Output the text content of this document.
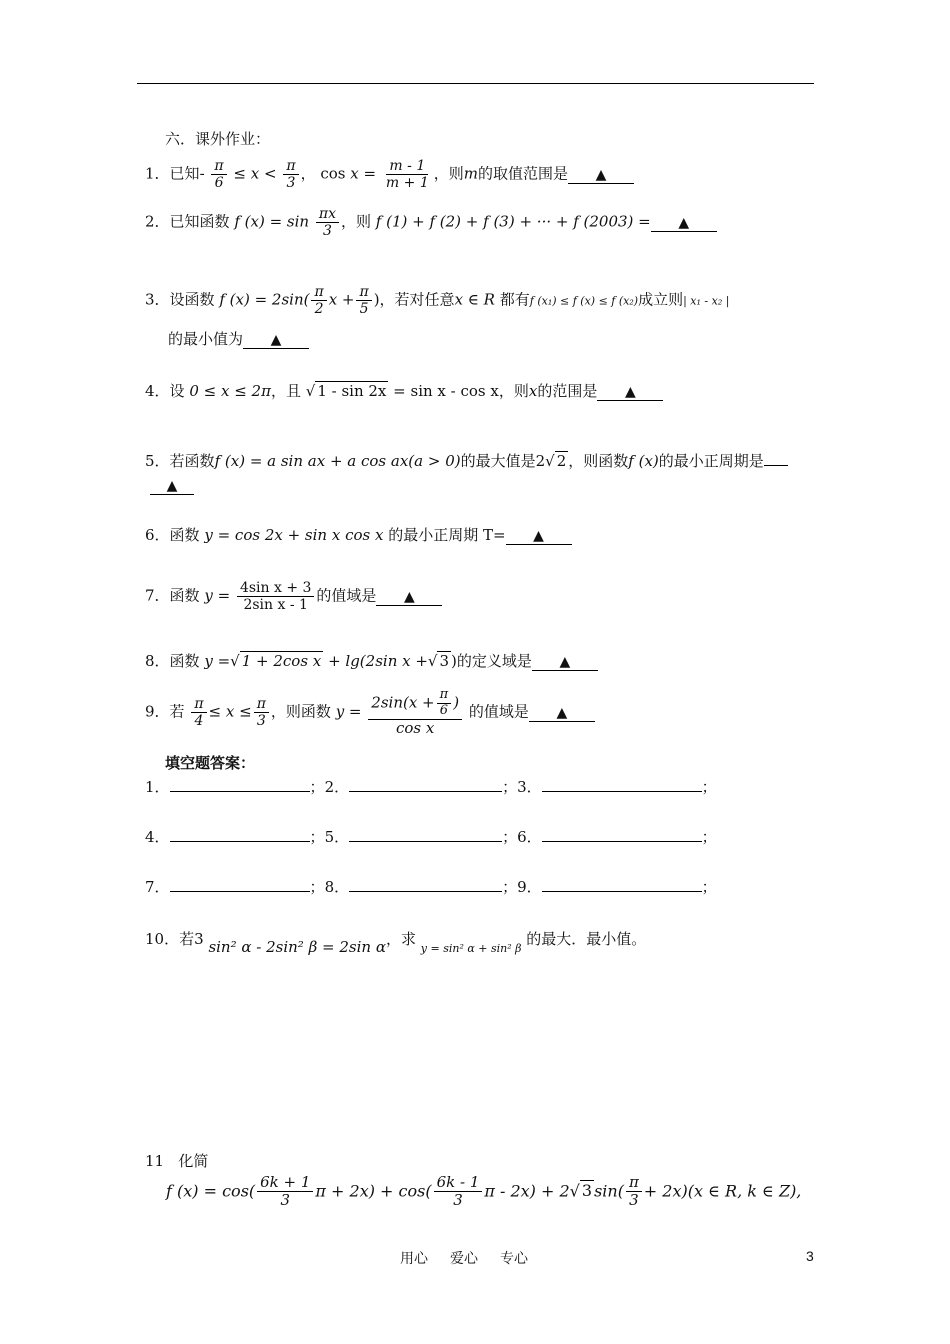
六．课外作业：
1．已知- $\frac{\pi}{6} \le x < \frac{\pi}{3}$ ， $\cos x = \frac{m - 1}{m + 1}$ ，则m的取值范围是 ▲
2．已知函数 f $(x) = \sin \frac{\pi x}{3}$ ，则 f (1) + f (2) + f (3) + ··· + f (2003) = ▲
3．设函数 f $(x) = 2\sin( \frac{\pi}{2}$ $x + \frac{\pi}{5}$ )，若对任意x ∈ R 都有f (x₁) ≤ f (x) ≤ f (x₂)成立则| x₁ - x₂ |
的最小值为 ▲
4．设 0 ≤ x ≤ 2π，且 √ 1 - sin 2x = sin x - cos x，则x的范围是 ▲
5．若函数f (x) = a sin ax + a cos ax(a > 0)的最大值是2√ 2 ，则函数f (x)的最小正周期是
▲
6．函数 y = cos 2x + sin x cos x 的最小正周期 T= ▲
7．函数 $y = \frac{\text{4sin x + 3}}{\text{2sin x - 1}}$ 的值域是 ▲
8．函数 y =√ 1 + 2cos x + lg(2sin x +√ 3 )的定义域是 ▲
9．若 $\frac{\pi}{4} \le x \le \frac{\pi}{3}$ ，则函数 $y = \frac{2\sin(x + \frac{\pi}{6} )}{\text{cos x}}$ 的值域是 ▲
填空题答案：
1．	；2．	；3．	；
4．	；5．	；6．	；
7．	；8．	；9．	；
10．若3 sin² α - 2sin² β = 2sin α，求 $_{y = sin^2 \alpha + sin^2 \beta}$ 的最大．最小值。
11 化简
f $(x) = \cos( \frac{6k + 1}{3}$ $\pi + 2x) + \cos( \frac{6k - 1}{3}$ π - 2x) + 2√ 3 $\sin( \frac{\pi}{3} + 2x)(x$ ∈ R, k ∈ Z),
用心 爱心 专心	3
